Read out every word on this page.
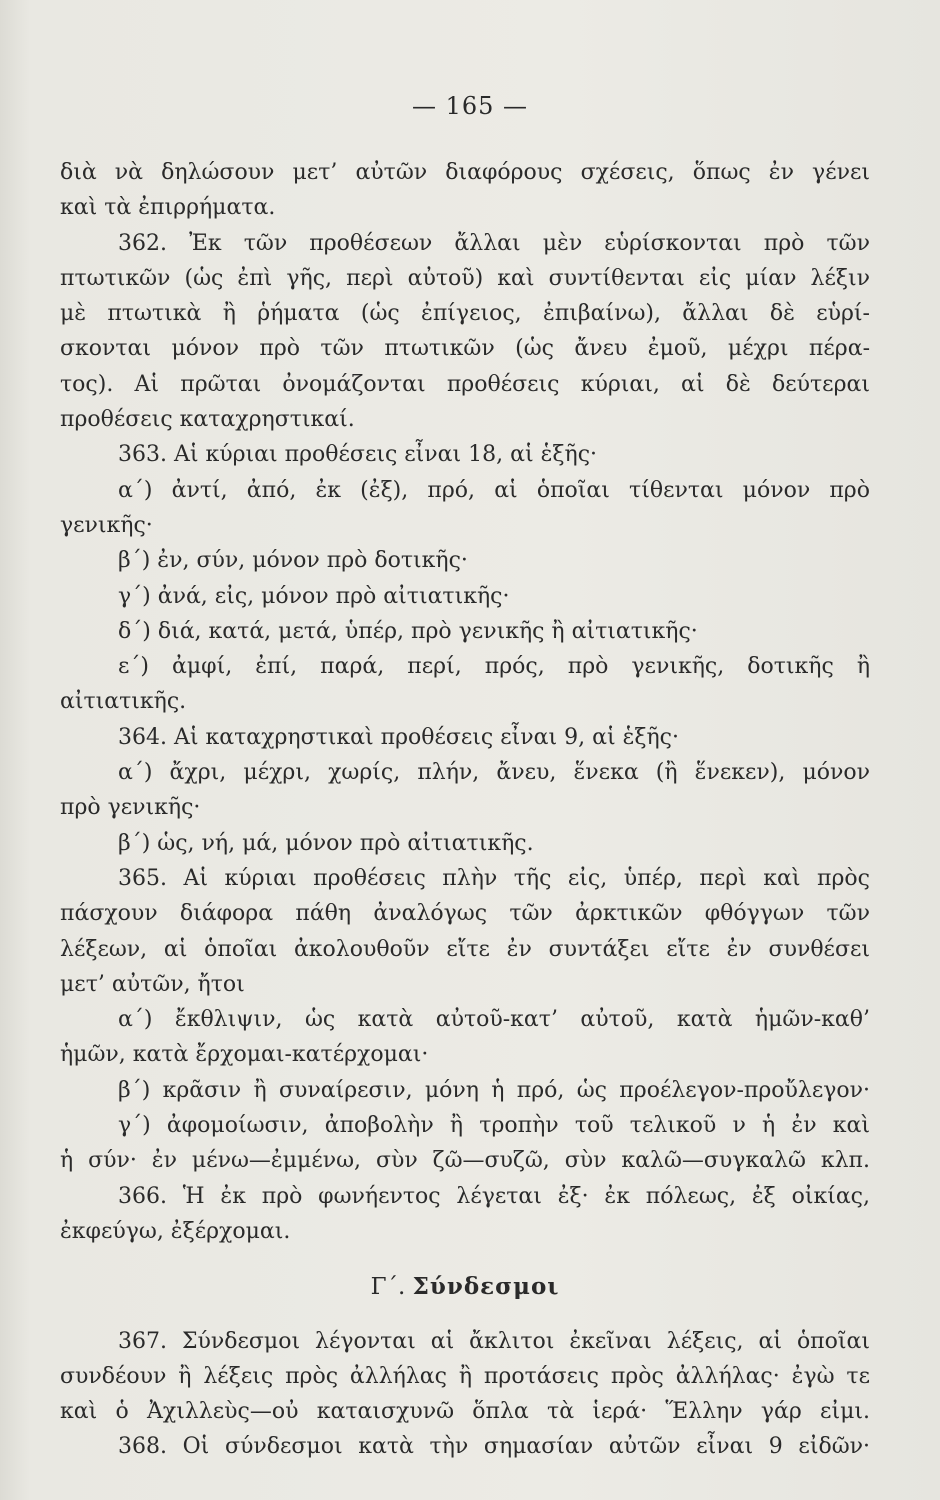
— 165 —
διὰ νὰ δηλώσουν μετ’ αὐτῶν διαφόρους σχέσεις, ὅπως ἐν γένει
καὶ τὰ ἐπιρρήματα.
362. Ἐκ τῶν προθέσεων ἄλλαι μὲν εὑρίσκονται πρὸ τῶν
πτωτικῶν (ὡς ἐπὶ γῆς, περὶ αὐτοῦ) καὶ συντίθενται εἰς μίαν λέξιν
μὲ πτωτικὰ ἢ ῥήματα (ὡς ἐπίγειος, ἐπιβαίνω), ἄλλαι δὲ εὑρί-
σκονται μόνον πρὸ τῶν πτωτικῶν (ὡς ἄνευ ἐμοῦ, μέχρι πέρα-
τος). Αἱ πρῶται ὀνομάζονται προθέσεις κύριαι, αἱ δὲ δεύτεραι
προθέσεις καταχρηστικαί.
363. Αἱ κύριαι προθέσεις εἶναι 18, αἱ ἑξῆς·
α΄) ἀντί, ἀπό, ἐκ (ἐξ), πρό, αἱ ὁποῖαι τίθενται μόνον πρὸ
γενικῆς·
β΄) ἐν, σύν, μόνον πρὸ δοτικῆς·
γ΄) ἀνά, εἰς, μόνον πρὸ αἰτιατικῆς·
δ΄) διά, κατά, μετά, ὑπέρ, πρὸ γενικῆς ἢ αἰτιατικῆς·
ε΄) ἀμφί, ἐπί, παρά, περί, πρός, πρὸ γενικῆς, δοτικῆς ἢ
αἰτιατικῆς.
364. Αἱ καταχρηστικαὶ προθέσεις εἶναι 9, αἱ ἑξῆς·
α΄) ἄχρι, μέχρι, χωρίς, πλήν, ἄνευ, ἕνεκα (ἢ ἕνεκεν), μόνον
πρὸ γενικῆς·
β΄) ὡς, νή, μά, μόνον πρὸ αἰτιατικῆς.
365. Αἱ κύριαι προθέσεις πλὴν τῆς εἰς, ὑπέρ, περὶ καὶ πρὸς
πάσχουν διάφορα πάθη ἀναλόγως τῶν ἀρκτικῶν φθόγγων τῶν
λέξεων, αἱ ὁποῖαι ἀκολουθοῦν εἴτε ἐν συντάξει εἴτε ἐν συνθέσει
μετ’ αὐτῶν, ἤτοι
α΄) ἔκθλιψιν, ὡς κατὰ αὐτοῦ-κατ’ αὐτοῦ, κατὰ ἡμῶν-καθ’
ἡμῶν, κατὰ ἔρχομαι-κατέρχομαι·
β΄) κρᾶσιν ἢ συναίρεσιν, μόνη ἡ πρό, ὡς προέλεγον-προὔλεγον·
γ΄) ἀφομοίωσιν, ἀποβολὴν ἢ τροπὴν τοῦ τελικοῦ ν ἡ ἐν καὶ
ἡ σύν· ἐν μένω—ἐμμένω, σὺν ζῶ—συζῶ, σὺν καλῶ—συγκαλῶ κλπ.
366. Ἡ ἐκ πρὸ φωνήεντος λέγεται ἐξ· ἐκ πόλεως, ἐξ οἰκίας,
ἐκφεύγω, ἐξέρχομαι.
Γ΄. Σύνδεσμοι
367. Σύνδεσμοι λέγονται αἱ ἄκλιτοι ἐκεῖναι λέξεις, αἱ ὁποῖαι
συνδέουν ἢ λέξεις πρὸς ἀλλήλας ἢ προτάσεις πρὸς ἀλλήλας· ἐγὼ τε
καὶ ὁ Ἀχιλλεὺς—οὐ καταισχυνῶ ὅπλα τὰ ἱερά· Ἕλλην γάρ εἰμι.
368. Οἱ σύνδεσμοι κατὰ τὴν σημασίαν αὐτῶν εἶναι 9 εἰδῶν·
